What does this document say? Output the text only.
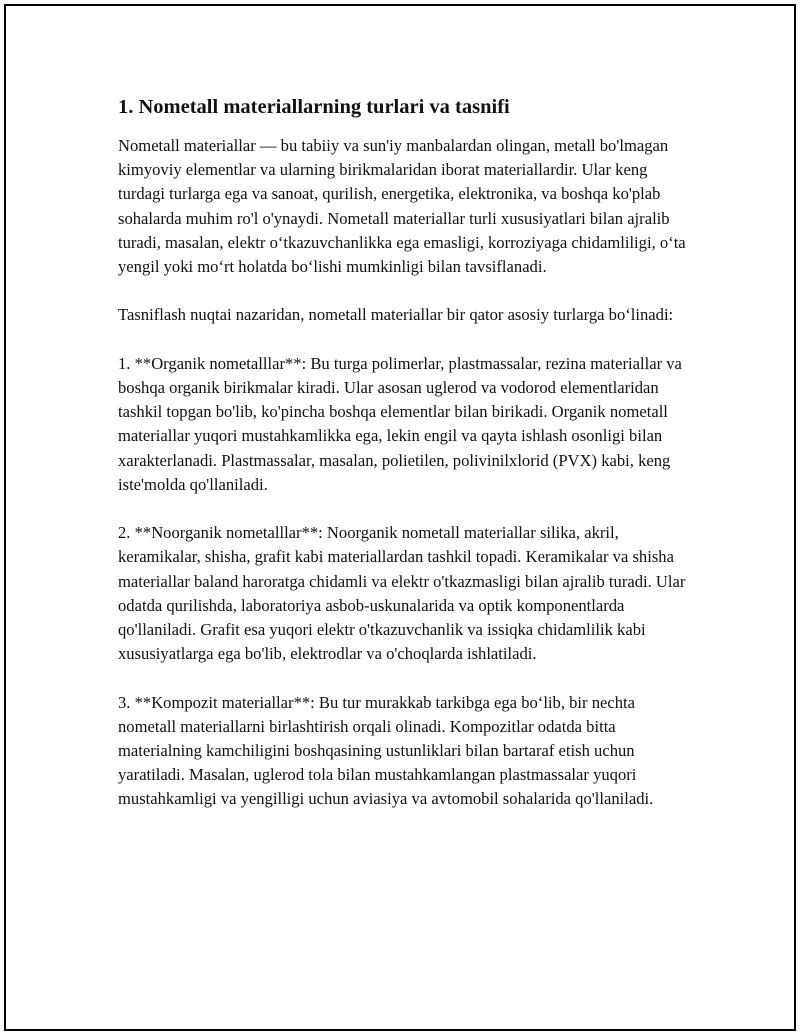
1. Nometall materiallarning turlari va tasnifi

Nometall materiallar — bu tabiiy va sun'iy manbalardan olingan, metall bo'lmagan kimyoviy elementlar va ularning birikmalaridan iborat materiallardir. Ular keng turdagi turlarga ega va sanoat, qurilish, energetika, elektronika, va boshqa ko'plab sohalarda muhim ro'l o'ynaydi. Nometall materiallar turli xususiyatlari bilan ajralib turadi, masalan, elektr o‘tkazuvchanlikka ega emasligi, korroziyaga chidamliligi, o‘ta yengil yoki mo‘rt holatda bo‘lishi mumkinligi bilan tavsiflanadi.

Tasniflash nuqtai nazaridan, nometall materiallar bir qator asosiy turlarga bo‘linadi:

1. **Organik nometalllar**: Bu turga polimerlar, plastmassalar, rezina materiallar va boshqa organik birikmalar kiradi. Ular asosan uglerod va vodorod elementlaridan tashkil topgan bo'lib, ko'pincha boshqa elementlar bilan birikadi. Organik nometall materiallar yuqori mustahkamlikka ega, lekin engil va qayta ishlash osonligi bilan xarakterlanadi. Plastmassalar, masalan, polietilen, polivinilxlorid (PVX) kabi, keng iste'molda qo'llaniladi.

2. **Noorganik nometalllar**: Noorganik nometall materiallar silika, akril, keramikalar, shisha, grafit kabi materiallardan tashkil topadi. Keramikalar va shisha materiallar baland haroratga chidamli va elektr o'tkazmasligi bilan ajralib turadi. Ular odatda qurilishda, laboratoriya asbob-uskunalarida va optik komponentlarda qo'llaniladi. Grafit esa yuqori elektr o'tkazuvchanlik va issiqka chidamlilik kabi xususiyatlarga ega bo'lib, elektrodlar va o'choqlarda ishlatiladi.

3. **Kompozit materiallar**: Bu tur murakkab tarkibga ega bo‘lib, bir nechta nometall materiallarni birlashtirish orqali olinadi. Kompozitlar odatda bitta materialning kamchiligini boshqasining ustunliklari bilan bartaraf etish uchun yaratiladi. Masalan, uglerod tola bilan mustahkamlangan plastmassalar yuqori mustahkamligi va yengilligi uchun aviasiya va avtomobil sohalarida qo'llaniladi.
